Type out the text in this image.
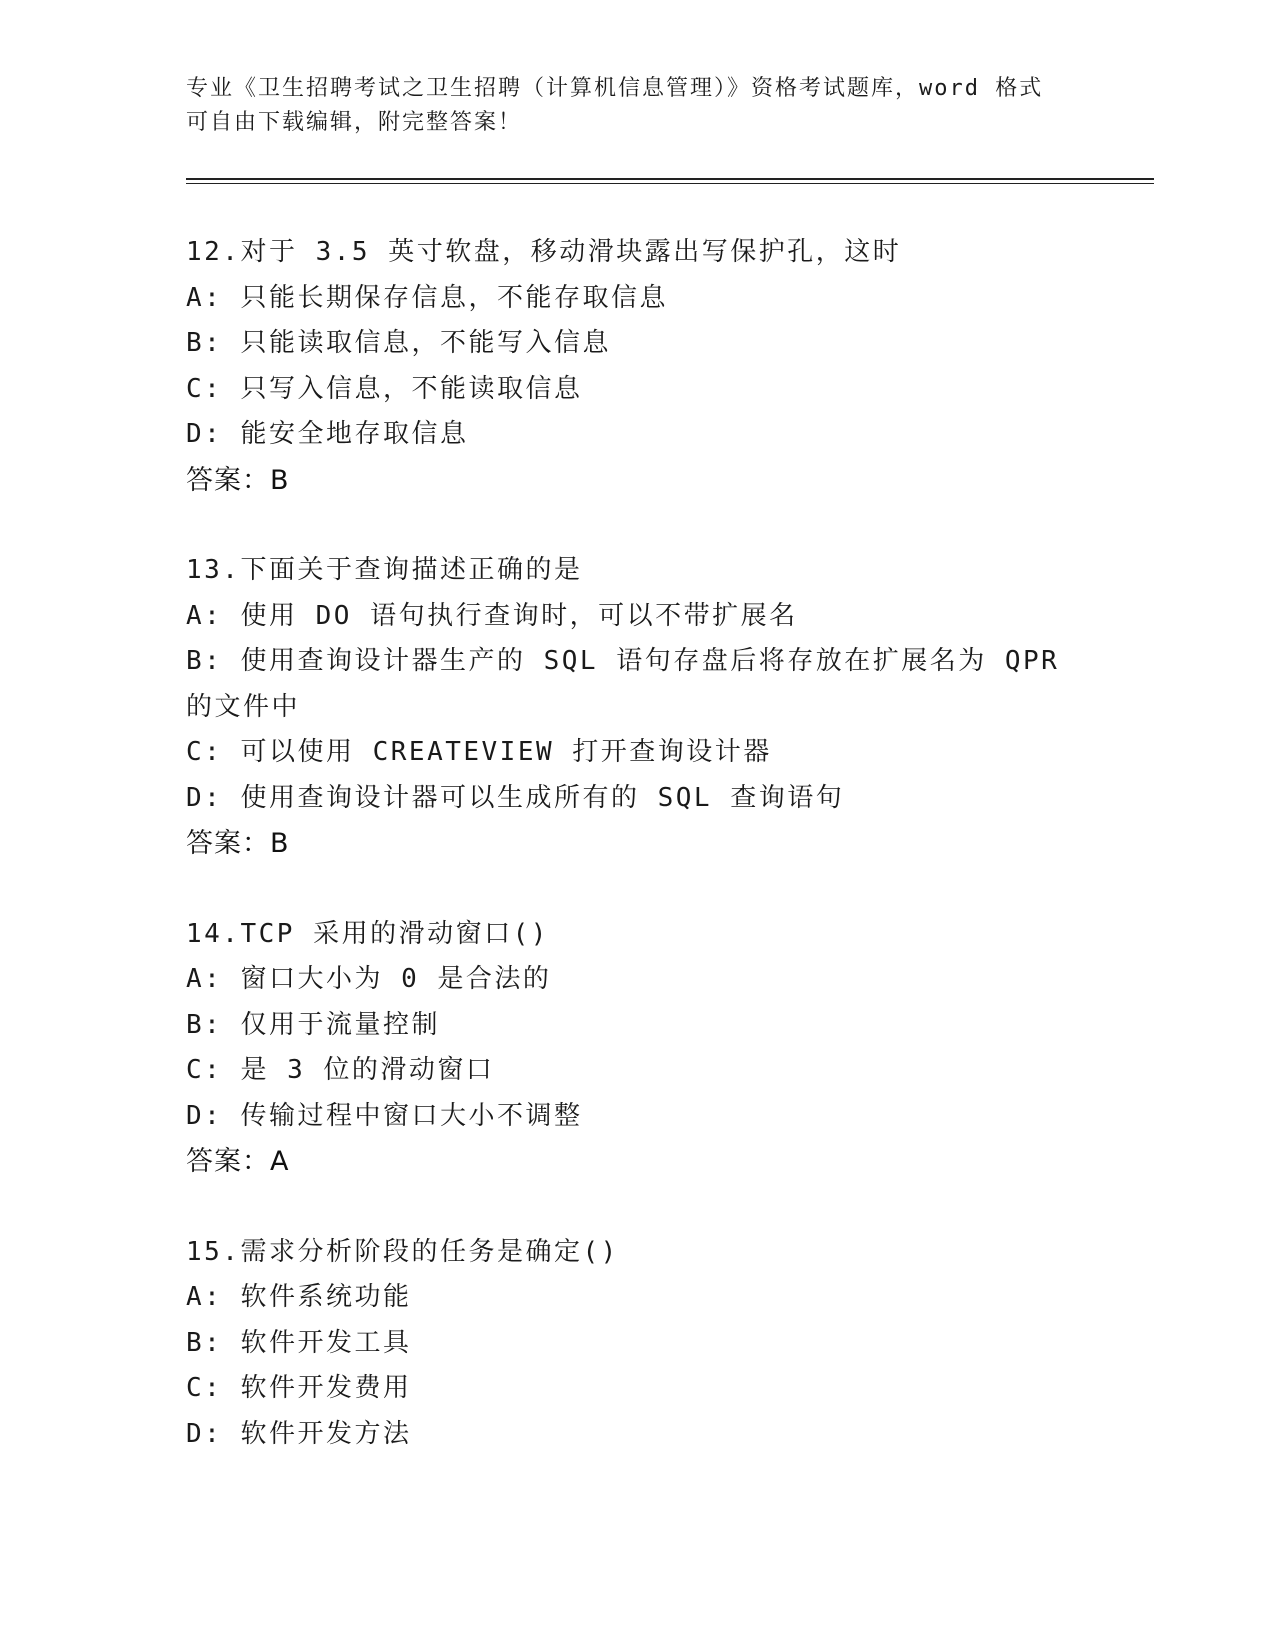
专业《卫生招聘考试之卫生招聘（计算机信息管理）》资格考试题库，word 格式
可自由下载编辑，附完整答案！
12.对于 3.5 英寸软盘，移动滑块露出写保护孔，这时
A: 只能长期保存信息，不能存取信息
B: 只能读取信息，不能写入信息
C: 只写入信息，不能读取信息
D: 能安全地存取信息
答案：B
13.下面关于查询描述正确的是
A: 使用 DO 语句执行查询时，可以不带扩展名
B: 使用查询设计器生产的 SQL 语句存盘后将存放在扩展名为 QPR 的文件中
C: 可以使用 CREATEVIEW 打开查询设计器
D: 使用查询设计器可以生成所有的 SQL 查询语句
答案：B
14.TCP 采用的滑动窗口()
A: 窗口大小为 0 是合法的
B: 仅用于流量控制
C: 是 3 位的滑动窗口
D: 传输过程中窗口大小不调整
答案：A
15.需求分析阶段的任务是确定()
A: 软件系统功能
B: 软件开发工具
C: 软件开发费用
D: 软件开发方法
